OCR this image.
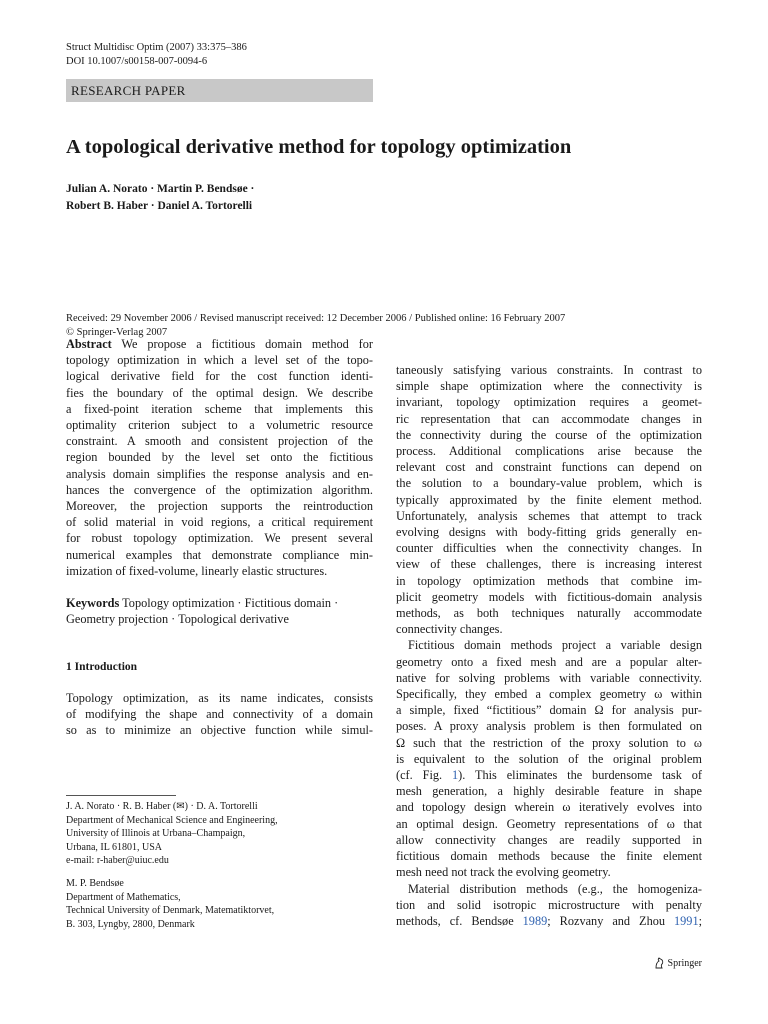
Struct Multidisc Optim (2007) 33:375–386
DOI 10.1007/s00158-007-0094-6
RESEARCH PAPER
A topological derivative method for topology optimization
Julian A. Norato · Martin P. Bendsøe ·
Robert B. Haber · Daniel A. Tortorelli
Received: 29 November 2006 / Revised manuscript received: 12 December 2006 / Published online: 16 February 2007
© Springer-Verlag 2007
Abstract We propose a fictitious domain method for
topology optimization in which a level set of the topo-
logical derivative field for the cost function identi-
fies the boundary of the optimal design. We describe
a fixed-point iteration scheme that implements this
optimality criterion subject to a volumetric resource
constraint. A smooth and consistent projection of the
region bounded by the level set onto the fictitious
analysis domain simplifies the response analysis and en-
hances the convergence of the optimization algorithm.
Moreover, the projection supports the reintroduction
of solid material in void regions, a critical requirement
for robust topology optimization. We present several
numerical examples that demonstrate compliance min-
imization of fixed-volume, linearly elastic structures.
Keywords Topology optimization · Fictitious domain ·
Geometry projection · Topological derivative
1 Introduction
Topology optimization, as its name indicates, consists
of modifying the shape and connectivity of a domain
so as to minimize an objective function while simul-
J. A. Norato · R. B. Haber (✉) · D. A. Tortorelli
Department of Mechanical Science and Engineering,
University of Illinois at Urbana–Champaign,
Urbana, IL 61801, USA
e-mail: r-haber@uiuc.edu
M. P. Bendsøe
Department of Mathematics,
Technical University of Denmark, Matematiktorvet,
B. 303, Lyngby, 2800, Denmark
taneously satisfying various constraints. In contrast to
simple shape optimization where the connectivity is
invariant, topology optimization requires a geomet-
ric representation that can accommodate changes in
the connectivity during the course of the optimization
process. Additional complications arise because the
relevant cost and constraint functions can depend on
the solution to a boundary-value problem, which is
typically approximated by the finite element method.
Unfortunately, analysis schemes that attempt to track
evolving designs with body-fitting grids generally en-
counter difficulties when the connectivity changes. In
view of these challenges, there is increasing interest
in topology optimization methods that combine im-
plicit geometry models with fictitious-domain analysis
methods, as both techniques naturally accommodate
connectivity changes.
Fictitious domain methods project a variable design
geometry onto a fixed mesh and are a popular alter-
native for solving problems with variable connectivity.
Specifically, they embed a complex geometry ω within
a simple, fixed “fictitious” domain Ω for analysis pur-
poses. A proxy analysis problem is then formulated on
Ω such that the restriction of the proxy solution to ω
is equivalent to the solution of the original problem
(cf. Fig. 1). This eliminates the burdensome task of
mesh generation, a highly desirable feature in shape
and topology design wherein ω iteratively evolves into
an optimal design. Geometry representations of ω that
allow connectivity changes are readily supported in
fictitious domain methods because the finite element
mesh need not track the evolving geometry.
Material distribution methods (e.g., the homogeniza-
tion and solid isotropic microstructure with penalty
methods, cf. Bendsøe 1989; Rozvany and Zhou 1991;
Springer
